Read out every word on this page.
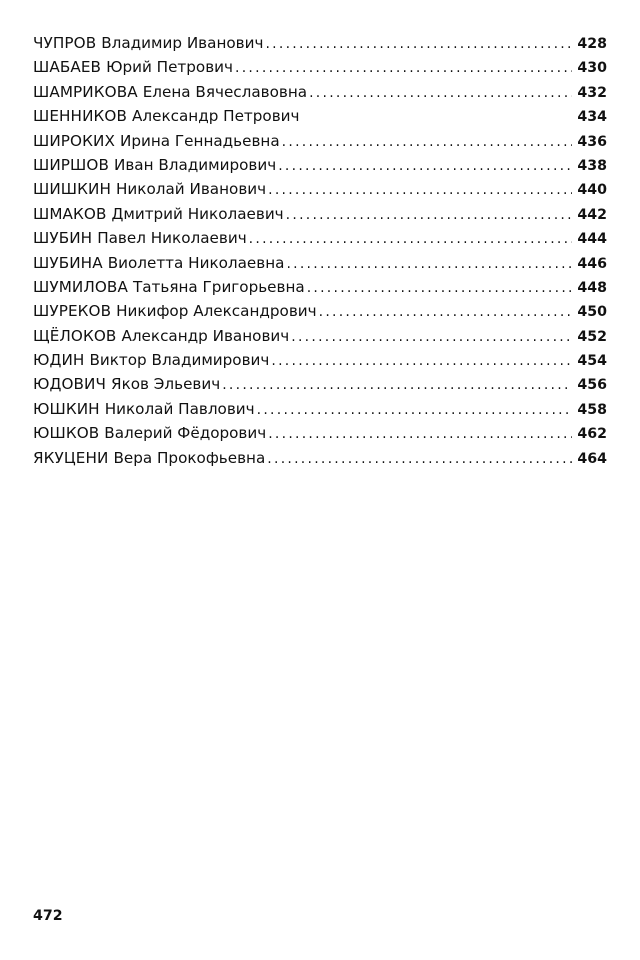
ЧУПРОВ Владимир Иванович . . .	428
ШАБАЕВ Юрий Петрович . . .	430
ШАМРИКОВА Елена Вячеславовна . . .	432
ШЕННИКОВ Александр Петрович	434
ШИРОКИХ Ирина Геннадьевна . . .	436
ШИРШОВ Иван Владимирович . . .	438
ШИШКИН Николай Иванович . . .	440
ШМАКОВ Дмитрий Николаевич . . .	442
ШУБИН Павел Николаевич . . .	444
ШУБИНА Виолетта Николаевна . . .	446
ШУМИЛОВА Татьяна Григорьевна . . .	448
ШУРЕКОВ Никифор Александрович . . .	450
ЩЁЛОКОВ Александр Иванович . . .	452
ЮДИН Виктор Владимирович . . .	454
ЮДОВИЧ Яков Эльевич . . .	456
ЮШКИН Николай Павлович . . .	458
ЮШКОВ Валерий Фёдорович . . .	462
ЯКУЦЕНИ Вера Прокофьевна . . .	464
472
